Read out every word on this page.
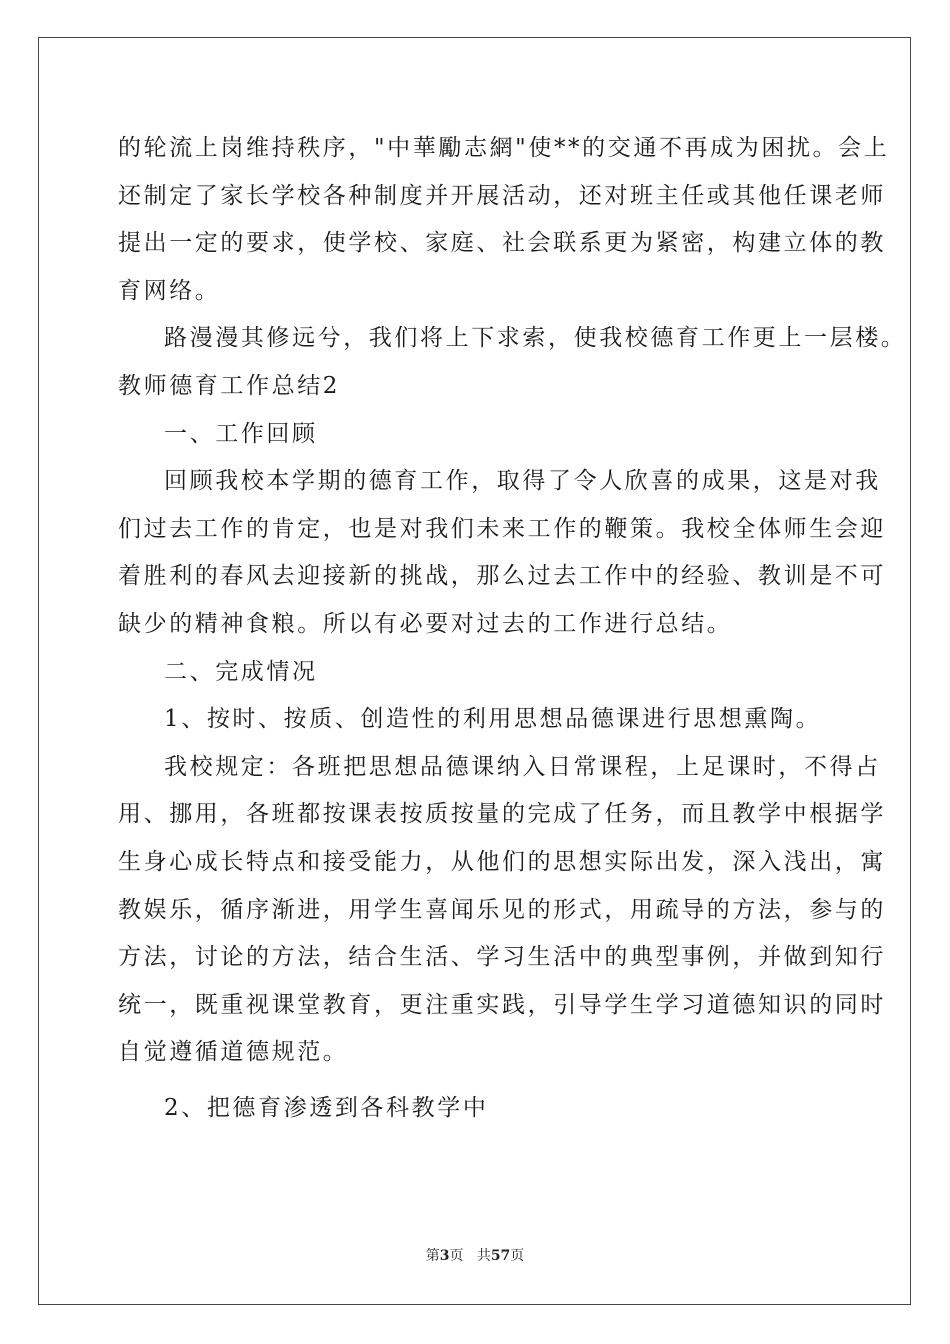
的轮流上岗维持秩序，"中華勵志網"使**的交通不再成为困扰。会上
还制定了家长学校各种制度并开展活动，还对班主任或其他任课老师
提出一定的要求，使学校、家庭、社会联系更为紧密，构建立体的教
育网络。
路漫漫其修远兮，我们将上下求索，使我校德育工作更上一层楼。
教师德育工作总结2
一、工作回顾
回顾我校本学期的德育工作，取得了令人欣喜的成果，这是对我
们过去工作的肯定，也是对我们未来工作的鞭策。我校全体师生会迎
着胜利的春风去迎接新的挑战，那么过去工作中的经验、教训是不可
缺少的精神食粮。所以有必要对过去的工作进行总结。
二、完成情况
1、按时、按质、创造性的利用思想品德课进行思想熏陶。
我校规定：各班把思想品德课纳入日常课程，上足课时，不得占
用、挪用，各班都按课表按质按量的完成了任务，而且教学中根据学
生身心成长特点和接受能力，从他们的思想实际出发，深入浅出，寓
教娱乐，循序渐进，用学生喜闻乐见的形式，用疏导的方法，参与的
方法，讨论的方法，结合生活、学习生活中的典型事例，并做到知行
统一，既重视课堂教育，更注重实践，引导学生学习道德知识的同时
自觉遵循道德规范。
2、把德育渗透到各科教学中
第3页 共57页
